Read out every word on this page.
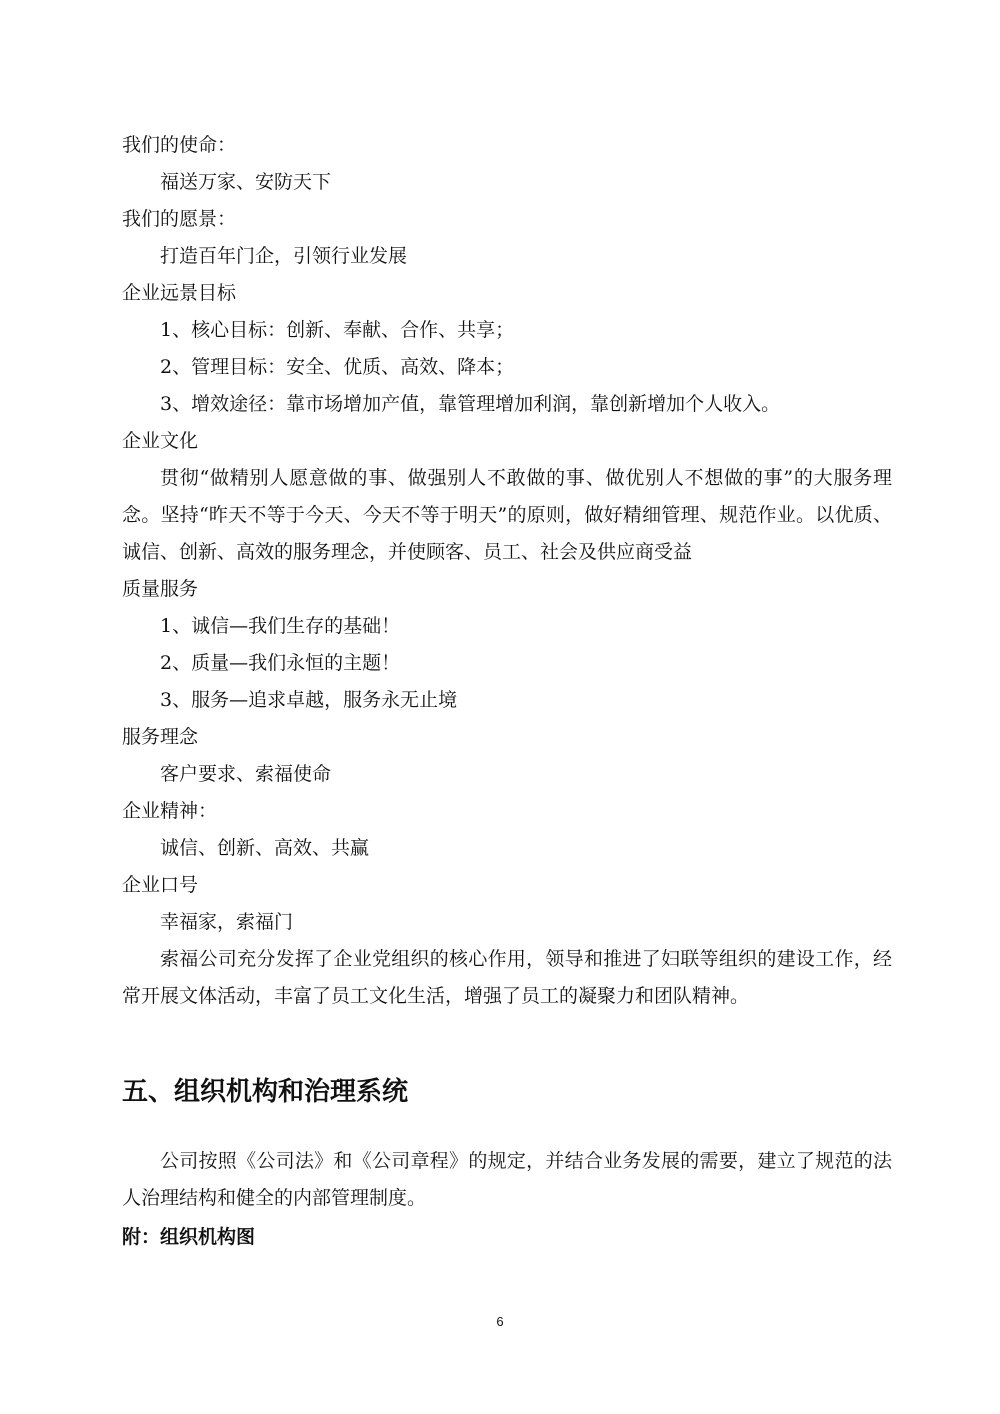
我们的使命：

福送万家、安防天下

我们的愿景：

打造百年门企，引领行业发展

企业远景目标

1、核心目标：创新、奉献、合作、共享；

2、管理目标：安全、优质、高效、降本；

3、增效途径：靠市场增加产值，靠管理增加利润，靠创新增加个人收入。

企业文化

贯彻“做精别人愿意做的事、做强别人不敢做的事、做优别人不想做的事”的大服务理念。坚持“昨天不等于今天、今天不等于明天”的原则，做好精细管理、规范作业。以优质、诚信、创新、高效的服务理念，并使顾客、员工、社会及供应商受益

质量服务

1、诚信—我们生存的基础！

2、质量—我们永恒的主题！

3、服务—追求卓越，服务永无止境

服务理念

客户要求、索福使命

企业精神：

诚信、创新、高效、共赢

企业口号

幸福家，索福门

索福公司充分发挥了企业党组织的核心作用，领导和推进了妇联等组织的建设工作，经常开展文体活动，丰富了员工文化生活，增强了员工的凝聚力和团队精神。

五、组织机构和治理系统

公司按照《公司法》和《公司章程》的规定，并结合业务发展的需要，建立了规范的法人治理结构和健全的内部管理制度。

附：组织机构图

6
